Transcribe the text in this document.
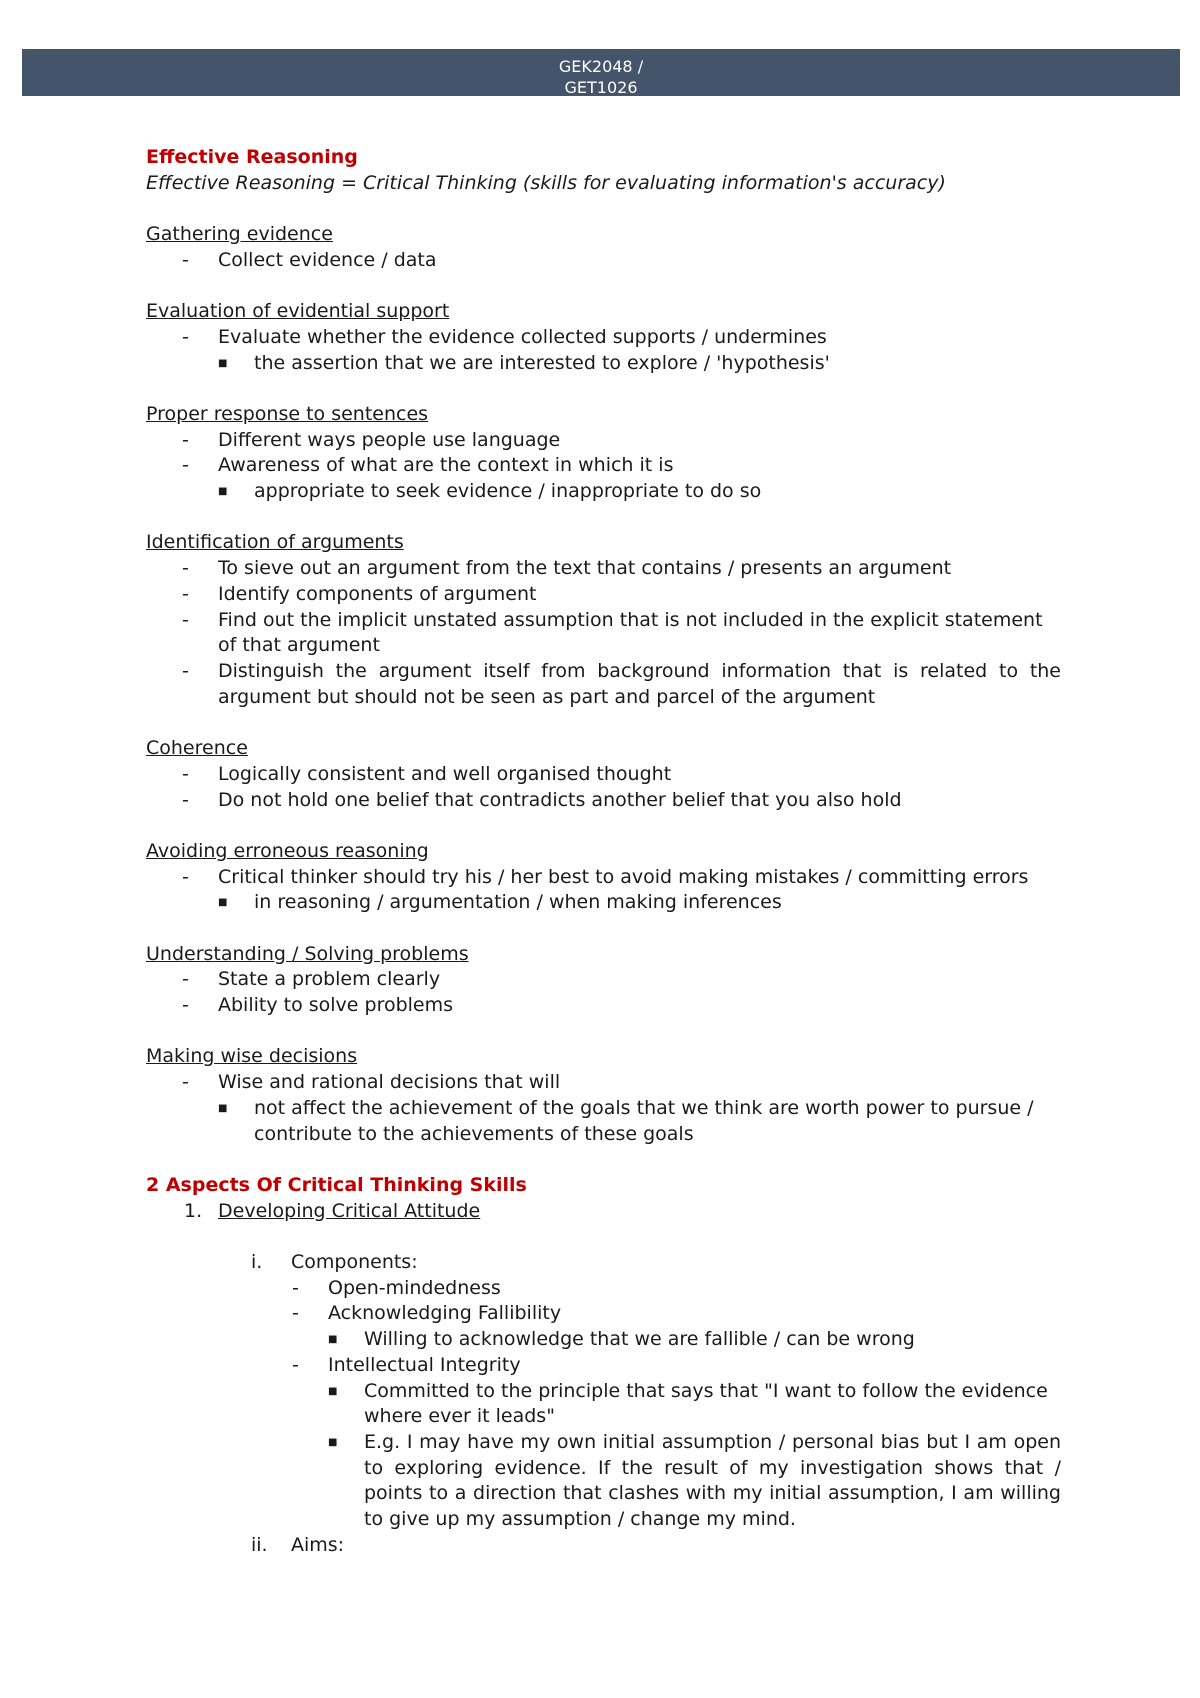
GEK2048 /
GET1026
Effective Reasoning
Effective Reasoning = Critical Thinking (skills for evaluating information's accuracy)
Gathering evidence
- Collect evidence / data
Evaluation of evidential support
- Evaluate whether the evidence collected supports / undermines
■ the assertion that we are interested to explore / 'hypothesis'
Proper response to sentences
- Different ways people use language
- Awareness of what are the context in which it is
■ appropriate to seek evidence / inappropriate to do so
Identification of arguments
- To sieve out an argument from the text that contains / presents an argument
- Identify components of argument
- Find out the implicit unstated assumption that is not included in the explicit statement of that argument
- Distinguish the argument itself from background information that is related to the argument but should not be seen as part and parcel of the argument
Coherence
- Logically consistent and well organised thought
- Do not hold one belief that contradicts another belief that you also hold
Avoiding erroneous reasoning
- Critical thinker should try his / her best to avoid making mistakes / committing errors
■ in reasoning / argumentation / when making inferences
Understanding / Solving problems
- State a problem clearly
- Ability to solve problems
Making wise decisions
- Wise and rational decisions that will
■ not affect the achievement of the goals that we think are worth power to pursue / contribute to the achievements of these goals
2 Aspects Of Critical Thinking Skills
1. Developing Critical Attitude
i. Components:
- Open-mindedness
- Acknowledging Fallibility
■ Willing to acknowledge that we are fallible / can be wrong
- Intellectual Integrity
■ Committed to the principle that says that "I want to follow the evidence where ever it leads"
■ E.g. I may have my own initial assumption / personal bias but I am open to exploring evidence. If the result of my investigation shows that / points to a direction that clashes with my initial assumption, I am willing to give up my assumption / change my mind.
ii. Aims:
